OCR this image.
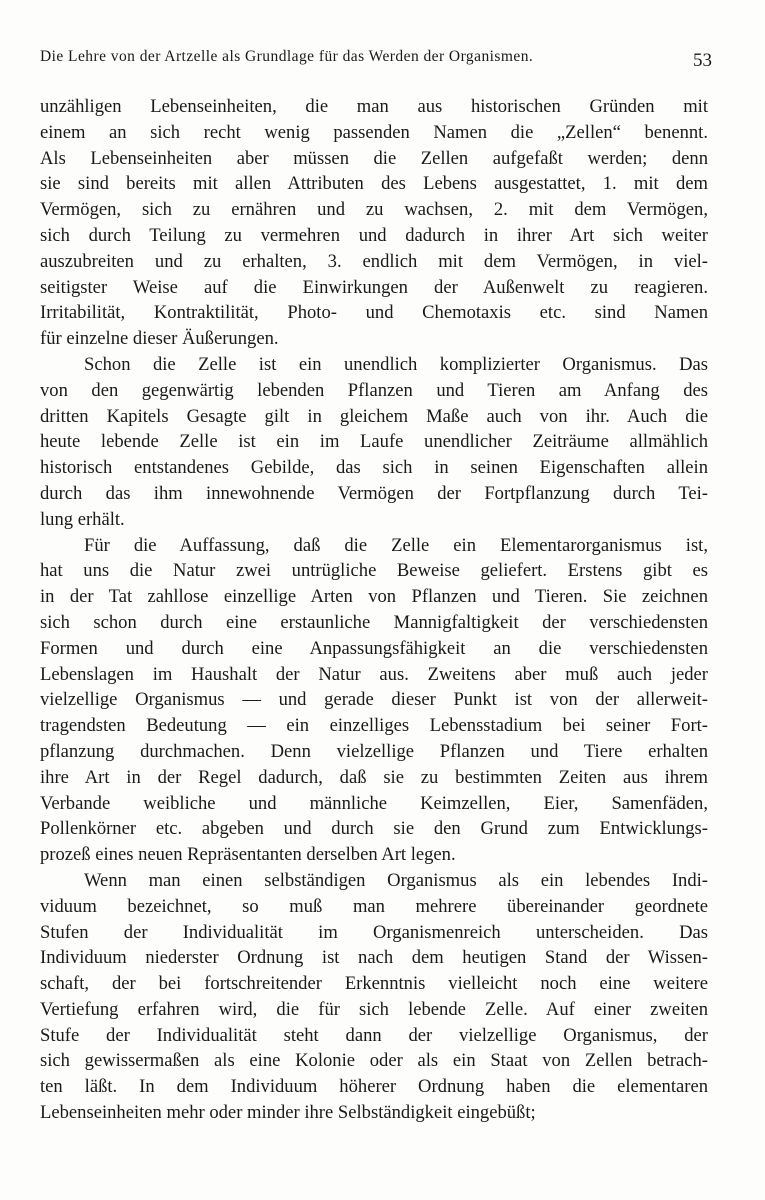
Die Lehre von der Artzelle als Grundlage für das Werden der Organismen.	53
unzähligen Lebenseinheiten, die man aus historischen Gründen mit
einem an sich recht wenig passenden Namen die „Zellen“ benennt.
Als Lebenseinheiten aber müssen die Zellen aufgefaßt werden; denn
sie sind bereits mit allen Attributen des Lebens ausgestattet, 1. mit dem
Vermögen, sich zu ernähren und zu wachsen, 2. mit dem Vermögen,
sich durch Teilung zu vermehren und dadurch in ihrer Art sich weiter
auszubreiten und zu erhalten, 3. endlich mit dem Vermögen, in viel-
seitigster Weise auf die Einwirkungen der Außenwelt zu reagieren.
Irritabilität, Kontraktilität, Photo- und Chemotaxis etc. sind Namen
für einzelne dieser Äußerungen.
Schon die Zelle ist ein unendlich komplizierter Organismus. Das
von den gegenwärtig lebenden Pflanzen und Tieren am Anfang des
dritten Kapitels Gesagte gilt in gleichem Maße auch von ihr. Auch die
heute lebende Zelle ist ein im Laufe unendlicher Zeiträume allmählich
historisch entstandenes Gebilde, das sich in seinen Eigenschaften allein
durch das ihm innewohnende Vermögen der Fortpflanzung durch Tei-
lung erhält.
Für die Auffassung, daß die Zelle ein Elementarorganismus ist,
hat uns die Natur zwei untrügliche Beweise geliefert. Erstens gibt es
in der Tat zahllose einzellige Arten von Pflanzen und Tieren. Sie zeichnen
sich schon durch eine erstaunliche Mannigfaltigkeit der verschiedensten
Formen und durch eine Anpassungsfähigkeit an die verschiedensten
Lebenslagen im Haushalt der Natur aus. Zweitens aber muß auch jeder
vielzellige Organismus — und gerade dieser Punkt ist von der allerweit-
tragendsten Bedeutung — ein einzelliges Lebensstadium bei seiner Fort-
pflanzung durchmachen. Denn vielzellige Pflanzen und Tiere erhalten
ihre Art in der Regel dadurch, daß sie zu bestimmten Zeiten aus ihrem
Verbande weibliche und männliche Keimzellen, Eier, Samenfäden,
Pollenkörner etc. abgeben und durch sie den Grund zum Entwicklungs-
prozeß eines neuen Repräsentanten derselben Art legen.
Wenn man einen selbständigen Organismus als ein lebendes Indi-
viduum bezeichnet, so muß man mehrere übereinander geordnete
Stufen der Individualität im Organismenreich unterscheiden. Das
Individuum niederster Ordnung ist nach dem heutigen Stand der Wissen-
schaft, der bei fortschreitender Erkenntnis vielleicht noch eine weitere
Vertiefung erfahren wird, die für sich lebende Zelle. Auf einer zweiten
Stufe der Individualität steht dann der vielzellige Organismus, der
sich gewissermaßen als eine Kolonie oder als ein Staat von Zellen betrach-
ten läßt. In dem Individuum höherer Ordnung haben die elementaren
Lebenseinheiten mehr oder minder ihre Selbständigkeit eingebüßt;
